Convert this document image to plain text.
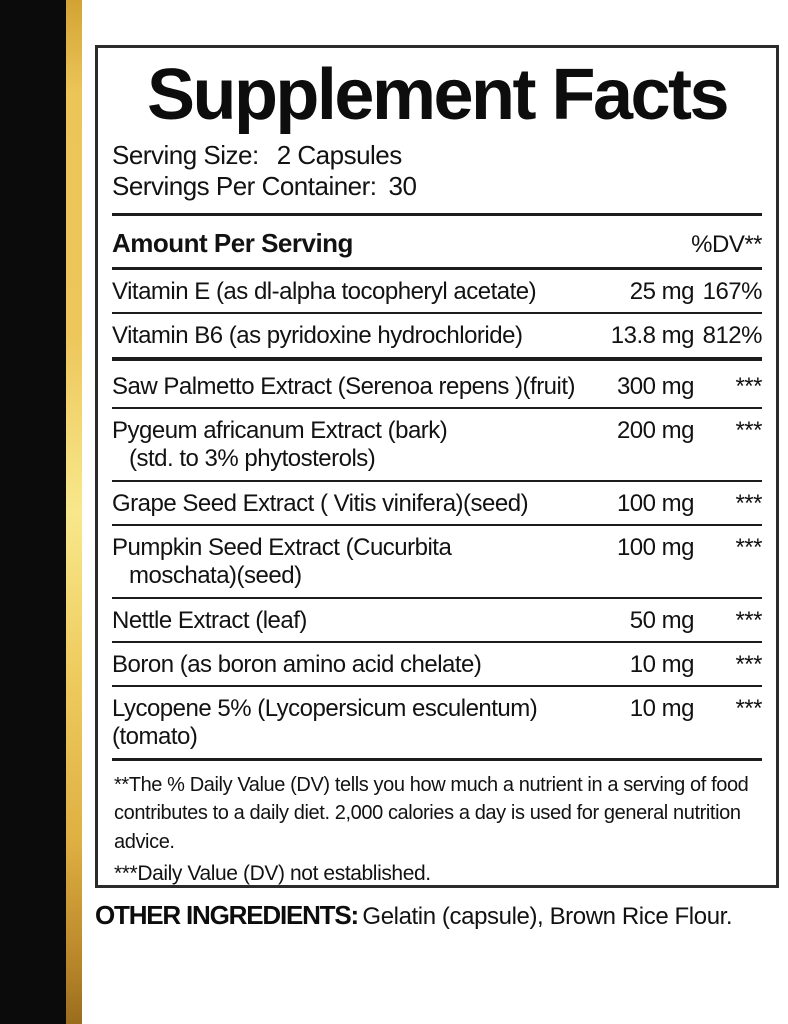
Supplement Facts
Serving Size: 2 Capsules
Servings Per Container: 30
Amount Per Serving	%DV**
Vitamin E (as dl-alpha tocopheryl acetate)	25 mg 167%
Vitamin B6 (as pyridoxine hydrochloride)	13.8 mg 812%
Saw Palmetto Extract (Serenoa repens )(fruit)	300 mg	***
Pygeum africanum Extract (bark)
(std. to 3% phytosterols)
200 mg	***
Grape Seed Extract ( Vitis vinifera)(seed)	100 mg	***
Pumpkin Seed Extract (Cucurbita
moschata)(seed)
100 mg	***
Nettle Extract (leaf)	50 mg	***
Boron (as boron amino acid chelate)	10 mg	***
Lycopene 5% (Lycopersicum esculentum)(tomato)
10 mg	***
**The % Daily Value (DV) tells you how much a nutrient in a serving of food contributes to a daily diet. 2,000 calories a day is used for general nutrition advice.
***Daily Value (DV) not established.
OTHER INGREDIENTS: Gelatin (capsule), Brown Rice Flour.
